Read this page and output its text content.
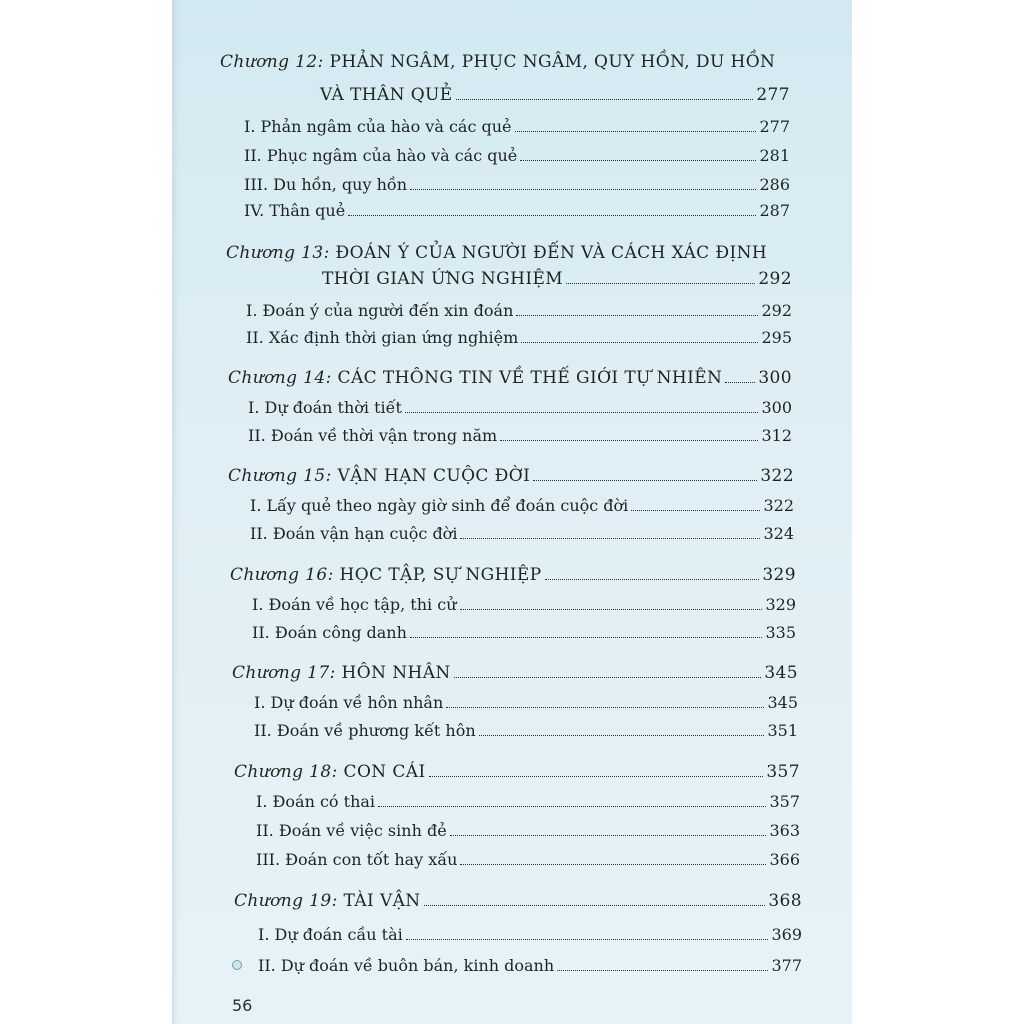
Chương 12: PHẢN NGÂM, PHỤC NGÂM, QUY HỒN, DU HỒN
VÀ THÂN QUẺ	277
I. Phản ngâm của hào và các quẻ	277
II. Phục ngâm của hào và các quẻ	281
III. Du hồn, quy hồn	286
IV. Thân quẻ	287
Chương 13: ĐOÁN Ý CỦA NGƯỜI ĐẾN VÀ CÁCH XÁC ĐỊNH
THỜI GIAN ỨNG NGHIỆM	292
I. Đoán ý của người đến xin đoán	292
II. Xác định thời gian ứng nghiệm	295
Chương 14: CÁC THÔNG TIN VỀ THẾ GIỚI TỰ NHIÊN 300
I. Dự đoán thời tiết	300
II. Đoán về thời vận trong năm	312
Chương 15: VẬN HẠN CUỘC ĐỜI	322
I. Lấy quẻ theo ngày giờ sinh để đoán cuộc đời	322
II. Đoán vận hạn cuộc đời	324
Chương 16: HỌC TẬP, SỰ NGHIỆP	329
I. Đoán về học tập, thi cử	329
II. Đoán công danh	335
Chương 17: HÔN NHÂN	345
I. Dự đoán về hôn nhân	345
II. Đoán về phương kết hôn	351
Chương 18: CON CÁI	357
I. Đoán có thai	357
II. Đoán về việc sinh đẻ	363
III. Đoán con tốt hay xấu	366
Chương 19: TÀI VẬN	368
I. Dự đoán cầu tài	369
II. Dự đoán về buôn bán, kinh doanh	377
56
